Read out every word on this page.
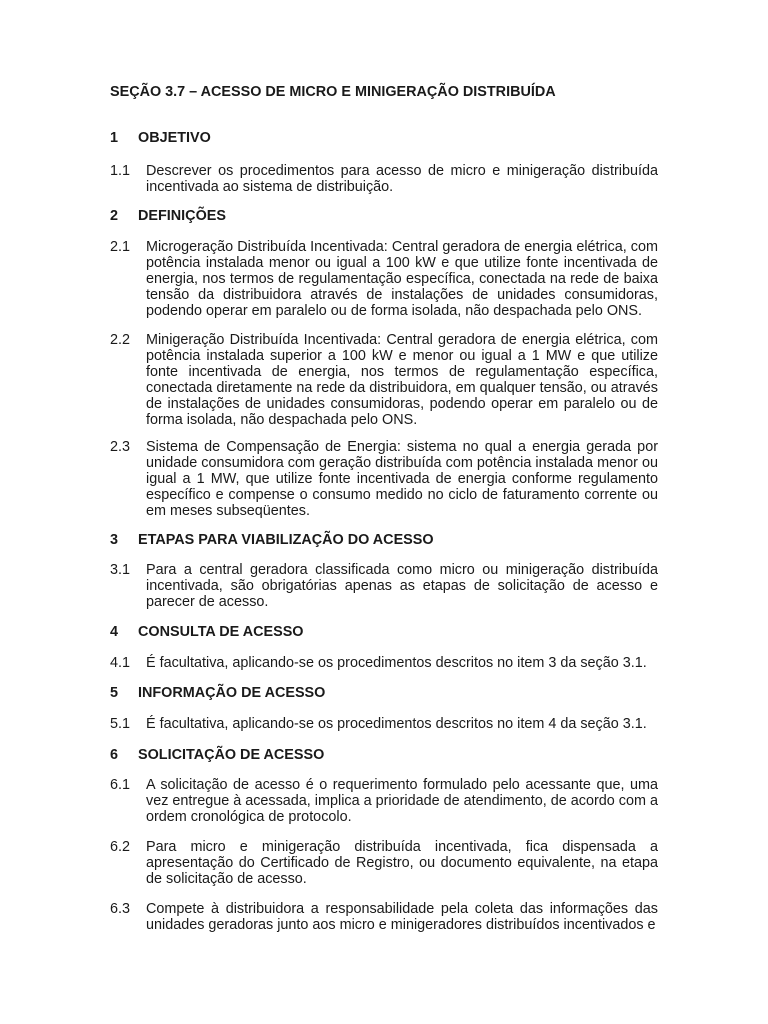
SEÇÃO 3.7 – ACESSO DE MICRO E MINIGERAÇÃO DISTRIBUÍDA
1 OBJETIVO
1.1 Descrever os procedimentos para acesso de micro e minigeração distribuída incentivada ao sistema de distribuição.
2 DEFINIÇÕES
2.1 Microgeração Distribuída Incentivada: Central geradora de energia elétrica, com potência instalada menor ou igual a 100 kW e que utilize fonte incentivada de energia, nos termos de regulamentação específica, conectada na rede de baixa tensão da distribuidora através de instalações de unidades consumidoras, podendo operar em paralelo ou de forma isolada, não despachada pelo ONS.
2.2 Minigeração Distribuída Incentivada: Central geradora de energia elétrica, com potência instalada superior a 100 kW e menor ou igual a 1 MW e que utilize fonte incentivada de energia, nos termos de regulamentação específica, conectada diretamente na rede da distribuidora, em qualquer tensão, ou através de instalações de unidades consumidoras, podendo operar em paralelo ou de forma isolada, não despachada pelo ONS.
2.3 Sistema de Compensação de Energia: sistema no qual a energia gerada por unidade consumidora com geração distribuída com potência instalada menor ou igual a 1 MW, que utilize fonte incentivada de energia conforme regulamento específico e compense o consumo medido no ciclo de faturamento corrente ou em meses subseqüentes.
3 ETAPAS PARA VIABILIZAÇÃO DO ACESSO
3.1 Para a central geradora classificada como micro ou minigeração distribuída incentivada, são obrigatórias apenas as etapas de solicitação de acesso e parecer de acesso.
4 CONSULTA DE ACESSO
4.1 É facultativa, aplicando-se os procedimentos descritos no item 3 da seção 3.1.
5 INFORMAÇÃO DE ACESSO
5.1 É facultativa, aplicando-se os procedimentos descritos no item 4 da seção 3.1.
6 SOLICITAÇÃO DE ACESSO
6.1 A solicitação de acesso é o requerimento formulado pelo acessante que, uma vez entregue à acessada, implica a prioridade de atendimento, de acordo com a ordem cronológica de protocolo.
6.2 Para micro e minigeração distribuída incentivada, fica dispensada a apresentação do Certificado de Registro, ou documento equivalente, na etapa de solicitação de acesso.
6.3 Compete à distribuidora a responsabilidade pela coleta das informações das unidades geradoras junto aos micro e minigeradores distribuídos incentivados e
